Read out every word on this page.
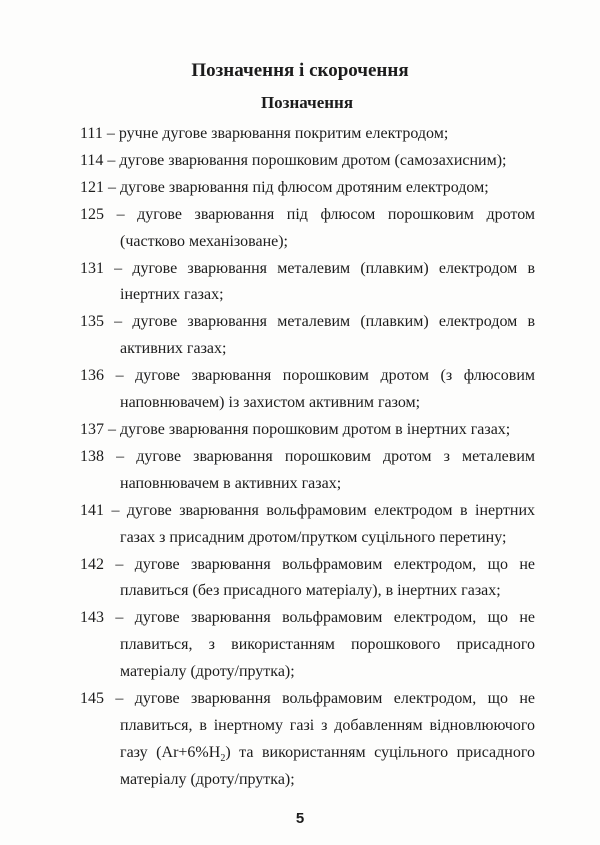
Позначення і скорочення
Позначення
111 – ручне дугове зварювання покритим електродом;
114 – дугове зварювання порошковим дротом (самозахисним);
121 – дугове зварювання під флюсом дротяним електродом;
125 – дугове зварювання під флюсом порошковим дротом (частково механізоване);
131 – дугове зварювання металевим (плавким) електродом в інертних газах;
135 – дугове зварювання металевим (плавким) електродом в активних газах;
136 – дугове зварювання порошковим дротом (з флюсовим наповнювачем) із захистом активним газом;
137 – дугове зварювання порошковим дротом в інертних газах;
138 – дугове зварювання порошковим дротом з металевим наповнювачем в активних газах;
141 – дугове зварювання вольфрамовим електродом в інертних газах з присадним дротом/прутком суцільного перетину;
142 – дугове зварювання вольфрамовим електродом, що не плавиться (без присадного матеріалу), в інертних газах;
143 – дугове зварювання вольфрамовим електродом, що не плавиться, з використанням порошкового присадного матеріалу (дроту/прутка);
145 – дугове зварювання вольфрамовим електродом, що не плавиться, в інертному газі з добавленням відновлюючого газу $(Ar+6\%H_2)$ та використанням суцільного присадного матеріалу (дроту/прутка);
5
